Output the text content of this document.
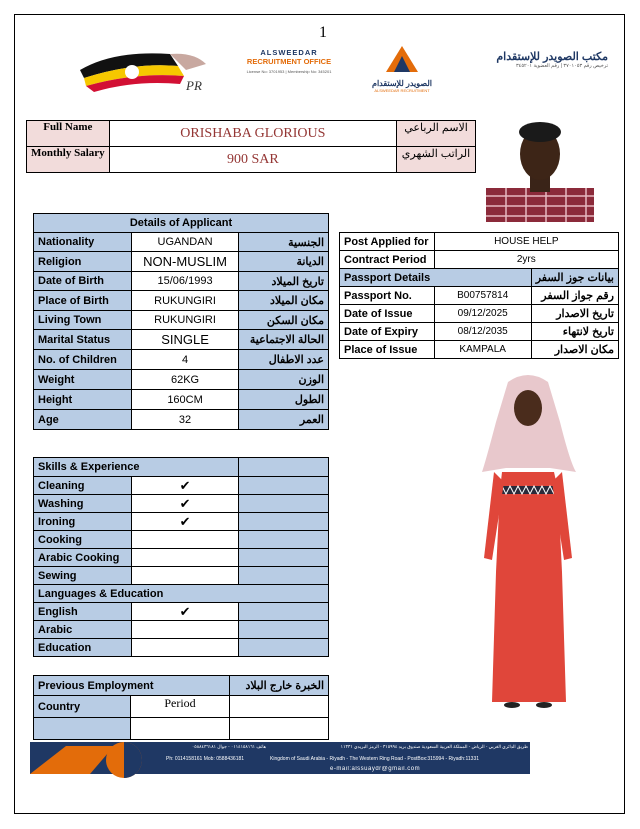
1
PR
ALSWEEDAR
RECRUITMENT OFFICE
License No: 3701953 | Membership No: 345201
الصويدر للإستقدام
ALSWEEDAR RECRUITMENT
مكتب الصويدر للإستقدام
ترخيص رقم ٣٧٠١٠٥٣ | رقم العضوية ٣٤٥٢٠١
Full Name	ORISHABA GLORIOUS	الاسم الرباعي
Monthly Salary	900 SAR	الراتب الشهري
Details of Applicant		
Nationality	UGANDAN	الجنسية
Religion	NON-MUSLIM	الديانة
Date of Birth	15/06/1993	تاريخ الميلاد
Place of Birth	RUKUNGIRI	مكان الميلاد
Living Town	RUKUNGIRI	مكان السكن
Marital Status	SINGLE	الحالة الاجتماعية
No. of Children	4	عدد الاطفال
Weight	62KG	الوزن
Height	160CM	الطول
Age	32	العمر
Post Applied for	HOUSE HELP	
Contract Period	2yrs	
Passport Details		بيانات جوز السفر
Passport No.	B00757814	رقم جواز السفر
Date of Issue	09/12/2025	تاريخ الاصدار
Date of Expiry	08/12/2035	تاريخ لانتهاء
Place of Issue	KAMPALA	مكان الاصدار
Skills & Experience		
Cleaning	✔	
Washing	✔	
Ironing	✔	
Cooking		
Arabic Cooking		
Sewing		
Languages & Education		
English	✔	
Arabic		
Education		
Previous Employment		الخبرة خارج البلاد
Country	Period	

طريق الدائري الغربي - الرياض - المملكة العربية السعودية صندوق بريد ٣١٥٩٩٤ - الرمز البريدي ١١٣٣١
هاتف ٠١١٤١٥٨١٦١ - جوال ٠٥٨٨٤٣٦١٨١
Ph: 0114158161 Mob: 0588436181	Kingdom of Saudi Arabia - Riyadh - The Western Ring Road - PostBox:315994 - Riyadh:11331
e-mail:alssuaydr@gmail.com
